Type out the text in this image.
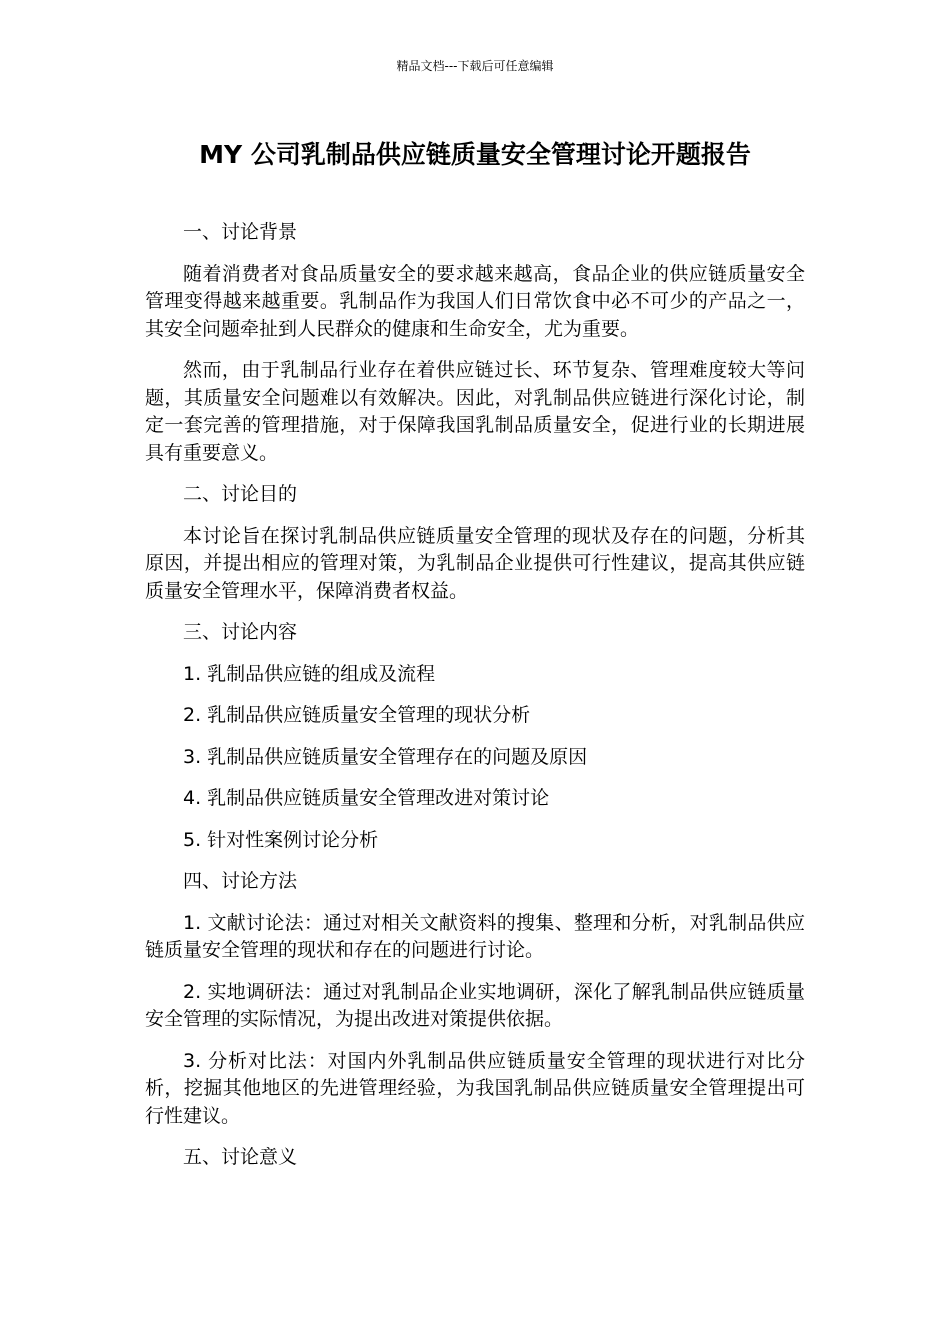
精品文档---下载后可任意编辑
MY 公司乳制品供应链质量安全管理讨论开题报告

一、讨论背景

随着消费者对食品质量安全的要求越来越高，食品企业的供应链质量安全管理变得越来越重要。乳制品作为我国人们日常饮食中必不可少的产品之一，其安全问题牵扯到人民群众的健康和生命安全，尤为重要。

然而，由于乳制品行业存在着供应链过长、环节复杂、管理难度较大等问题，其质量安全问题难以有效解决。因此，对乳制品供应链进行深化讨论，制定一套完善的管理措施，对于保障我国乳制品质量安全，促进行业的长期进展具有重要意义。

二、讨论目的

本讨论旨在探讨乳制品供应链质量安全管理的现状及存在的问题，分析其原因，并提出相应的管理对策，为乳制品企业提供可行性建议，提高其供应链质量安全管理水平，保障消费者权益。

三、讨论内容

1. 乳制品供应链的组成及流程

2. 乳制品供应链质量安全管理的现状分析

3. 乳制品供应链质量安全管理存在的问题及原因

4. 乳制品供应链质量安全管理改进对策讨论

5. 针对性案例讨论分析

四、讨论方法

1. 文献讨论法：通过对相关文献资料的搜集、整理和分析，对乳制品供应链质量安全管理的现状和存在的问题进行讨论。

2. 实地调研法：通过对乳制品企业实地调研，深化了解乳制品供应链质量安全管理的实际情况，为提出改进对策提供依据。

3. 分析对比法：对国内外乳制品供应链质量安全管理的现状进行对比分析，挖掘其他地区的先进管理经验，为我国乳制品供应链质量安全管理提出可行性建议。

五、讨论意义
